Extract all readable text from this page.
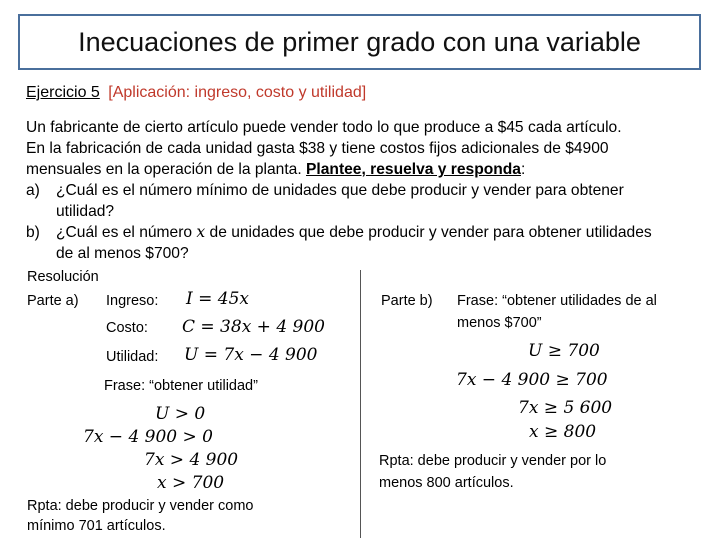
Inecuaciones de primer grado con una variable
Ejercicio 5 [Aplicación: ingreso, costo y utilidad]
Un fabricante de cierto artículo puede vender todo lo que produce a $45 cada artículo.
En la fabricación de cada unidad gasta $38 y tiene costos fijos adicionales de $4900
mensuales en la operación de la planta. Plantee, resuelva y responda:
a)	¿Cuál es el número mínimo de unidades que debe producir y vender para obtener
utilidad?
b)	¿Cuál es el número x de unidades que debe producir y vender para obtener utilidades
de al menos $700?
Resolución
Parte a) Ingreso: I = 45x
Costo: C = 38x + 4 900
Utilidad: U = 7x − 4 900
Frase: “obtener utilidad”
U > 0
7x − 4 900 > 0
7x > 4 900
x > 700
Rpta: debe producir y vender como
mínimo 701 artículos.
Parte b) Frase: “obtener utilidades de al
menos $700”
U ≥ 700
7x − 4 900 ≥ 700
7x ≥ 5 600
x ≥ 800
Rpta: debe producir y vender por lo
menos 800 artículos.
